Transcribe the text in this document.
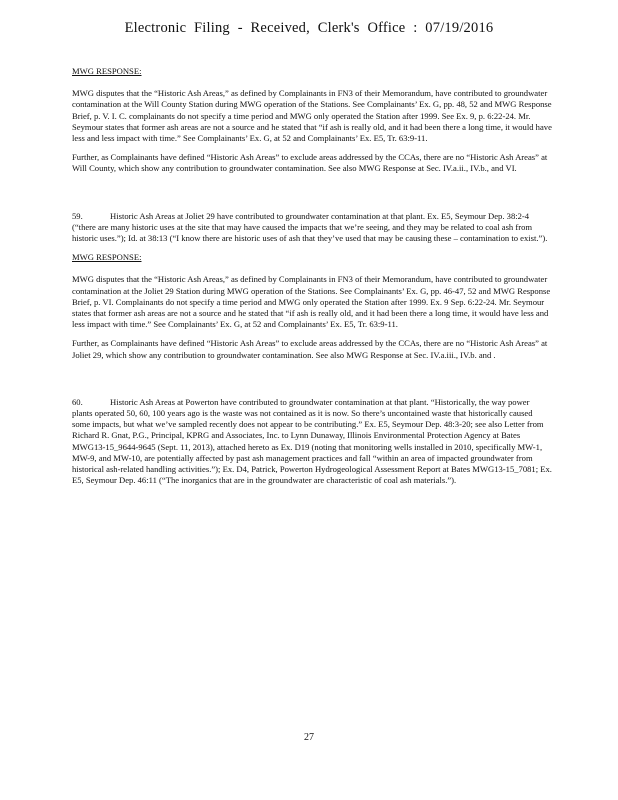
Electronic Filing - Received, Clerk's Office : 07/19/2016

MWG RESPONSE:

MWG disputes that the “Historic Ash Areas,” as defined by Complainants in FN3 of their Memorandum, have contributed to groundwater contamination at the Will County Station during MWG operation of the Stations. See Complainants’ Ex. G, pp. 48, 52 and MWG Response Brief, p. V. I. C. complainants do not specify a time period and MWG only operated the Station after 1999. See Ex. 9, p. 6:22-24. Mr. Seymour states that former ash areas are not a source and he stated that “if ash is really old, and it had been there a long time, it would have less and less impact with time.” See Complainants’ Ex. G, at 52 and Complainants’ Ex. E5, Tr. 63:9-11.

Further, as Complainants have defined “Historic Ash Areas” to exclude areas addressed by the CCAs, there are no “Historic Ash Areas” at Will County, which show any contribution to groundwater contamination. See also MWG Response at Sec. IV.a.ii., IV.b., and VI.

59.	Historic Ash Areas at Joliet 29 have contributed to groundwater contamination at that plant. Ex. E5, Seymour Dep. 38:2-4 (“there are many historic uses at the site that may have caused the impacts that we’re seeing, and they may be related to coal ash from historic uses.”); Id. at 38:13 (“I know there are historic uses of ash that they’ve used that may be causing these – contamination to exist.”).

MWG RESPONSE:

MWG disputes that the “Historic Ash Areas,” as defined by Complainants in FN3 of their Memorandum, have contributed to groundwater contamination at the Joliet 29 Station during MWG operation of the Stations. See Complainants’ Ex. G, pp. 46-47, 52 and MWG Response Brief, p. VI. Complainants do not specify a time period and MWG only operated the Station after 1999. Ex. 9 Sep. 6:22-24. Mr. Seymour states that former ash areas are not a source and he stated that “if ash is really old, and it had been there a long time, it would have less and less impact with time.” See Complainants’ Ex. G, at 52 and Complainants’ Ex. E5, Tr. 63:9-11.

Further, as Complainants have defined “Historic Ash Areas” to exclude areas addressed by the CCAs, there are no “Historic Ash Areas” at Joliet 29, which show any contribution to groundwater contamination. See also MWG Response at Sec. IV.a.iii., IV.b. and .

60.	Historic Ash Areas at Powerton have contributed to groundwater contamination at that plant. “Historically, the way power plants operated 50, 60, 100 years ago is the waste was not contained as it is now. So there’s uncontained waste that historically caused some impacts, but what we’ve sampled recently does not appear to be contributing.” Ex. E5, Seymour Dep. 48:3-20; see also Letter from Richard R. Gnat, P.G., Principal, KPRG and Associates, Inc. to Lynn Dunaway, Illinois Environmental Protection Agency at Bates MWG13-15_9644-9645 (Sept. 11, 2013), attached hereto as Ex. D19 (noting that monitoring wells installed in 2010, specifically MW-1, MW-9, and MW-10, are potentially affected by past ash management practices and fall “within an area of impacted groundwater from historical ash-related handling activities.”); Ex. D4, Patrick, Powerton Hydrogeological Assessment Report at Bates MWG13-15_7081; Ex. E5, Seymour Dep. 46:11 (“The inorganics that are in the groundwater are characteristic of coal ash materials.”).

27
